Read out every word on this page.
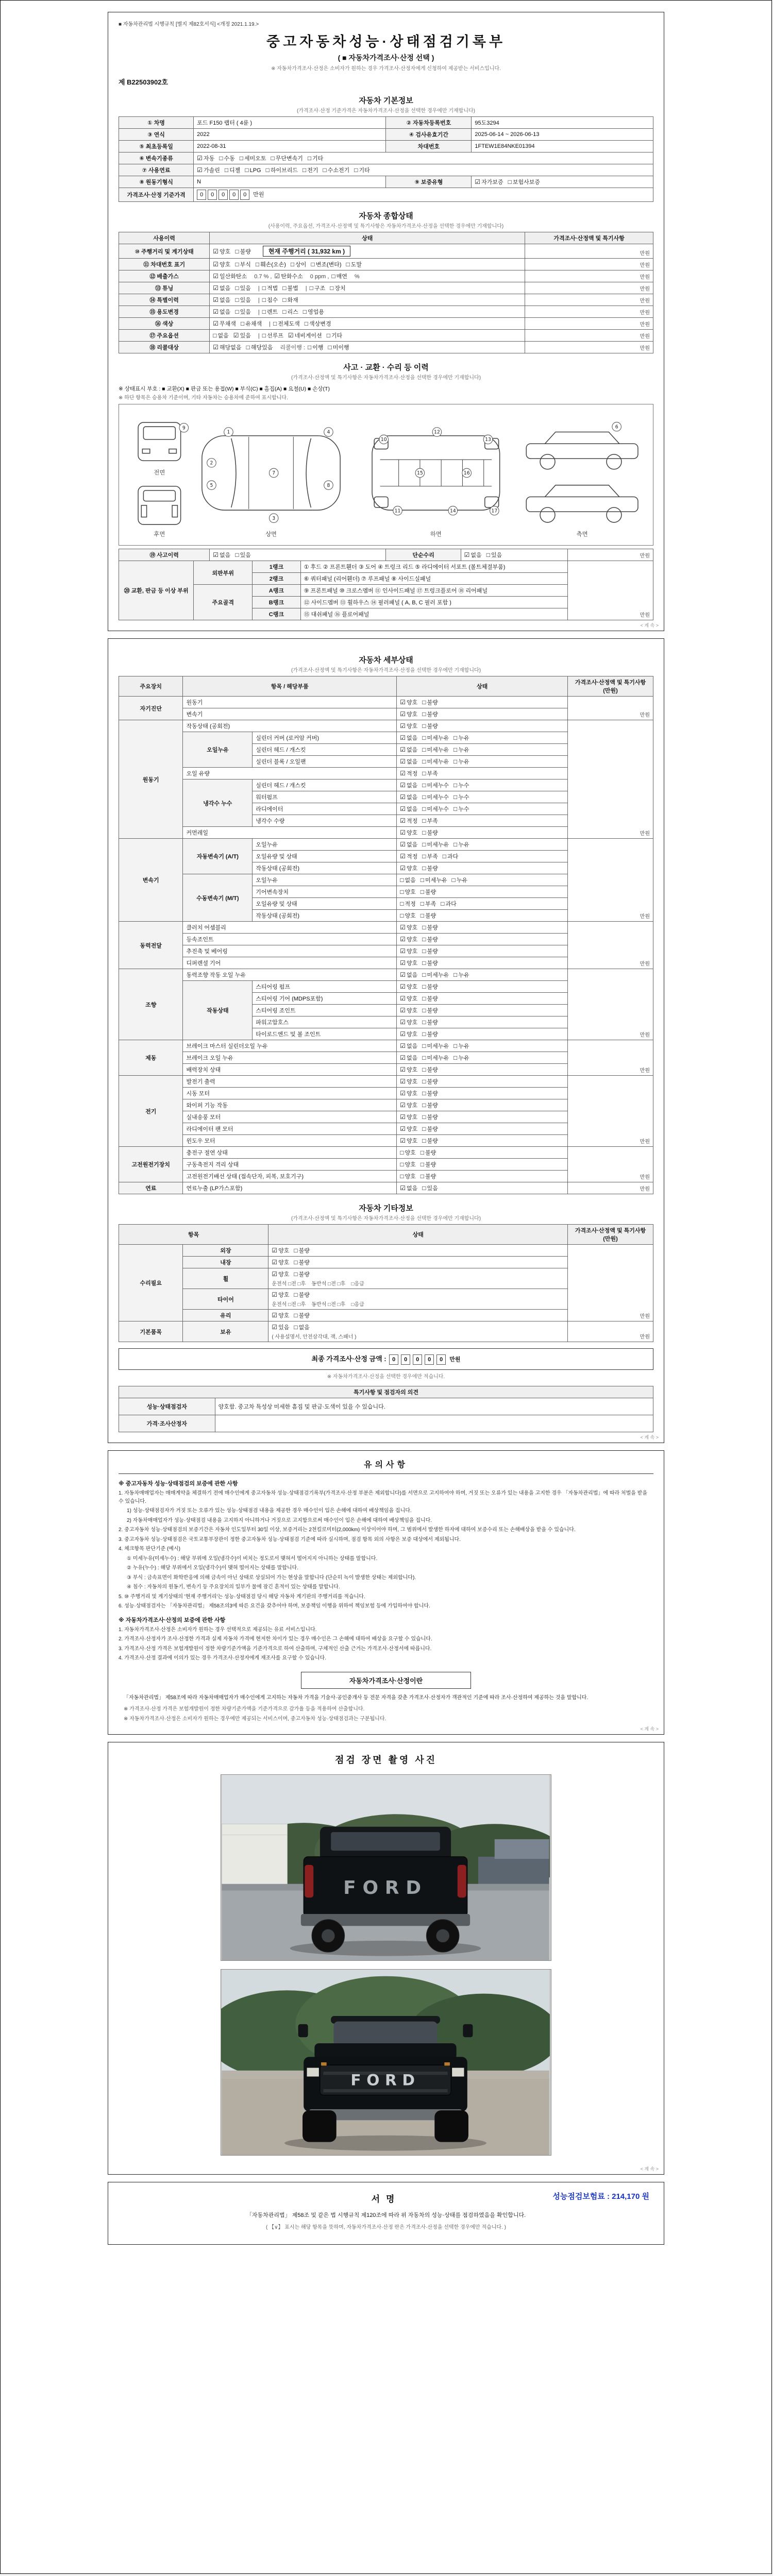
■ 자동차관리법 시행규칙 [별지 제82호서식] <개정 2021.1.19.>
중고자동차성능·상태점검기록부
( ■ 자동차가격조사·산정 선택 )
※ 자동차가격조사·산정은 소비자가 원하는 경우 가격조사·산정자에게 신청하여 제공받는 서비스입니다.
제 B22503902호
자동차 기본정보
(가격조사·산정 기준가격은 자동차가격조사·산정을 선택한 경우에만 기재합니다)
① 차명	포드 F150 랩터 ( 4륜 )	② 자동차등록번호	95도3294
③ 연식	2022	④ 검사유효기간	2025-06-14 ~ 2026-06-13
⑤ 최초등록일	2022-08-31	차대번호	1FTEW1E84NKE01394
⑥ 변속기종류	☑ 자동 □ 수동 □ 세미오토 □ 무단변속기 □ 기타		
⑦ 사용연료	☑ 가솔린 □ 디젤 □ LPG □ 하이브리드 □ 전기 □ 수소전기 □ 기타		
⑧ 원동기형식	N	⑨ 보증유형	☑ 자가보증 □ 보험사보증
가격조사·산정 기준가격	0 0 0 0 0 만원		
자동차 종합상태
(사용이력, 주요옵션, 가격조사·산정액 및 특기사항은 자동차가격조사·산정을 선택한 경우에만 기재합니다)
사용이력	상태	가격조사·산정액 및 특기사항
⑩ 주행거리 및 계기상태	☑ 양호 □ 불량 현재 주행거리 ( 31,932 km )	만원
⑪ 차대번호 표기	☑ 양호 □ 부식 □ 훼손(오손) □ 상이 □ 변조(변타) □ 도말	만원
⑫ 배출가스	☑ 일산화탄소 0.7 % , ☑ 탄화수소 0 ppm , □ 매연 %	만원
⑬ 튜닝	☑ 없음 □ 있음 | □ 적법 □ 불법 | □ 구조 □ 장치	만원
⑭ 특별이력	☑ 없음 □ 있음 | □ 침수 □ 화재	만원
⑮ 용도변경	☑ 없음 □ 있음 | □ 렌트 □ 리스 □ 영업용	만원
⑯ 색상	☑ 무채색 □ 유채색 | □ 전체도색 □ 색상변경	만원
⑰ 주요옵션	□ 없음 ☑ 있음 | □ 선루프 ☑ 네비게이션 □ 기타	만원
⑱ 리콜대상	☑ 해당없음 □ 해당있음 리콜이행 : □ 이행 □ 미이행	만원
사고 · 교환 · 수리 등 이력
(가격조사·산정액 및 특기사항은 자동차가격조사·산정을 선택한 경우에만 기재합니다)
※ 상태표시 부호 : ■ 교환(X) ■ 판금 또는 용접(W) ■ 부식(C) ■ 흠집(A) ■ 요철(U) ■ 손상(T)
※ 하단 항목은 승용차 기준이며, 기타 자동차는 승용차에 준하여 표시합니다.
1
2
3
4
5
6
7
8
9
10
11
12
13
14
15	16
17
전면
후면	상면	하면	측면
⑲ 사고이력	☑ 없음 □ 있음	단순수리	☑ 없음 □ 있음	만원
⑳ 교환, 판금 등 이상 부위	외판부위	1랭크	① 후드 ② 프론트휀더 ③ 도어 ④ 트렁크 리드 ⑤ 라디에이터 서포트 (볼트체결부품)	만원
		2랭크	⑥ 쿼터패널 (리어휀더) ⑦ 루프패널 ⑧ 사이드실패널	
	주요골격	A랭크	⑨ 프론트패널 ⑩ 크로스멤버 ⑪ 인사이드패널 ⑰ 트렁크플로어 ⑱ 리어패널	
		B랭크	⑫ 사이드멤버 ⑬ 휠하우스 ⑭ 필러패널 ( A, B, C 필러 포함 )	
		C랭크	⑮ 대쉬패널 ⑯ 플로어패널	
< 계 속 >
자동차 세부상태
(가격조사·산정액 및 특기사항은 자동차가격조사·산정을 선택한 경우에만 기재합니다)
주요장치	항목 / 해당부품		상태	가격조사·산정액 및 특기사항 (만원)
자기진단	원동기		☑ 양호 □ 불량	만원
	변속기		☑ 양호 □ 불량	
원동기	작동상태 (공회전)		☑ 양호 □ 불량	만원
	오일누유	실린더 커버 (로커암 커버)	☑ 없음 □ 미세누유 □ 누유	
		실린더 헤드 / 개스킷	☑ 없음 □ 미세누유 □ 누유	
		실린더 블록 / 오일팬	☑ 없음 □ 미세누유 □ 누유	
	오일 유량		☑ 적정 □ 부족	
	냉각수 누수	실린더 헤드 / 개스킷	☑ 없음 □ 미세누수 □ 누수	
		워터펌프	☑ 없음 □ 미세누수 □ 누수	
		라디에이터	☑ 없음 □ 미세누수 □ 누수	
		냉각수 수량	☑ 적정 □ 부족	
	커먼레일		☑ 양호 □ 불량	
변속기	자동변속기 (A/T)	오일누유	☑ 없음 □ 미세누유 □ 누유	만원
		오일유량 및 상태	☑ 적정 □ 부족 □ 과다	
		작동상태 (공회전)	☑ 양호 □ 불량	
	수동변속기 (M/T)	오일누유	□ 없음 □ 미세누유 □ 누유	
		기어변속장치	□ 양호 □ 불량	
		오일유량 및 상태	□ 적정 □ 부족 □ 과다	
		작동상태 (공회전)	□ 양호 □ 불량	
동력전달	클러치 어셈블리		☑ 양호 □ 불량	만원
	등속조인트		☑ 양호 □ 불량	
	추진축 및 베어링		☑ 양호 □ 불량	
	디퍼렌셜 기어		☑ 양호 □ 불량	
조향	동력조향 작동 오일 누유		☑ 없음 □ 미세누유 □ 누유	만원
	작동상태	스티어링 펌프	☑ 양호 □ 불량	
		스티어링 기어 (MDPS포함)	☑ 양호 □ 불량	
		스티어링 조인트	☑ 양호 □ 불량	
		파워고압호스	☑ 양호 □ 불량	
		타이로드엔드 및 볼 조인트	☑ 양호 □ 불량	
제동	브레이크 마스터 실린더오일 누유		☑ 없음 □ 미세누유 □ 누유	만원
	브레이크 오일 누유		☑ 없음 □ 미세누유 □ 누유	
	배력장치 상태		☑ 양호 □ 불량	
전기	발전기 출력		☑ 양호 □ 불량	만원
	시동 모터		☑ 양호 □ 불량	
	와이퍼 기능 작동		☑ 양호 □ 불량	
	실내송풍 모터		☑ 양호 □ 불량	
	라디에이터 팬 모터		☑ 양호 □ 불량	
	윈도우 모터		☑ 양호 □ 불량	
고전원전기장치	충전구 절연 상태		□ 양호 □ 불량	만원
	구동축전지 격리 상태		□ 양호 □ 불량	
	고전원전기배선 상태 (접속단자, 피복, 보호기구)		□ 양호 □ 불량	
연료	연료누출 (LP가스포함)		☑ 없음 □ 있음	만원
자동차 기타정보
(가격조사·산정액 및 특기사항은 자동차가격조사·산정을 선택한 경우에만 기재합니다)
항목		상태	가격조사·산정액 및 특기사항 (만원)
수리필요	외장	☑ 양호 □ 불량	만원
	내장	☑ 양호 □ 불량	
	휠	☑ 양호 □ 불량
운전석 □전 □후    동반석 □전 □후    □응급	

	타이어	☑ 양호 □ 불량
운전석 □전 □후    동반석 □전 □후    □응급	

	유리	☑ 양호 □ 불량	
기본품목	보유	☑ 있음 □ 없음
( 사용설명서, 안전삼각대, 잭, 스패너 )	만원
최종 가격조사·산정 금액 : 0 0 0 0 0 만원
※ 자동차가격조사·산정을 선택한 경우에만 적습니다.
특기사항 및 점검자의 의견	
성능·상태점검자	양호함. 중고차 특성상 미세한 흠집 및 판금·도색이 있을 수 있습니다.
가격·조사산정자	
< 계 속 >
유의사항
※ 중고자동차 성능·상태점검의 보증에 관한 사항
1. 자동차매매업자는 매매계약을 체결하기 전에 매수인에게 중고자동차 성능·상태점검기록부(가격조사·산정 부분은 제외합니다)를 서면으로 고지하여야 하며, 거짓 또는 오류가 있는 내용을 고지한 경우 「자동차관리법」에 따라 처벌을 받을 수 있습니다.
1) 성능·상태점검자가 거짓 또는 오류가 있는 성능·상태점검 내용을 제공한 경우 매수인이 입은 손해에 대하여 배상책임을 집니다.
2) 자동차매매업자가 성능·상태점검 내용을 고지하지 아니하거나 거짓으로 고지함으로써 매수인이 입은 손해에 대하여 배상책임을 집니다.
2. 중고자동차 성능·상태점검의 보증기간은 자동차 인도일부터 30일 이상, 보증거리는 2천킬로미터(2,000km) 이상이어야 하며, 그 범위에서 발생한 하자에 대하여 보증수리 또는 손해배상을 받을 수 있습니다.
3. 중고자동차 성능·상태점검은 국토교통부장관이 정한 중고자동차 성능·상태점검 기준에 따라 실시하며, 점검 항목 외의 사항은 보증 대상에서 제외됩니다.
4. 체크항목 판단기준 (예시)
① 미세누유(미세누수) : 해당 부위에 오일(냉각수)이 비치는 정도로서 맺혀서 떨어지지 아니하는 상태를 말합니다.
② 누유(누수) : 해당 부위에서 오일(냉각수)이 맺혀 떨어지는 상태를 말합니다.
③ 부식 : 금속표면이 화학반응에 의해 금속이 아닌 상태로 상실되어 가는 현상을 말합니다 (단순히 녹이 발생한 상태는 제외합니다).
④ 침수 : 자동차의 원동기, 변속기 등 주요장치의 일부가 물에 잠긴 흔적이 있는 상태를 말합니다.
5. ⑩ 주행거리 및 계기상태의 '현재 주행거리'는 성능·상태점검 당시 해당 자동차 계기판의 주행거리를 적습니다.
6. 성능·상태점검자는 「자동차관리법」 제58조의3에 따른 요건을 갖추어야 하며, 보증책임 이행을 위하여 책임보험 등에 가입하여야 합니다.
※ 자동차가격조사·산정의 보증에 관한 사항
1. 자동차가격조사·산정은 소비자가 원하는 경우 선택적으로 제공되는 유료 서비스입니다.
2. 가격조사·산정자가 조사·산정한 가격과 실제 자동차 가격에 현저한 차이가 있는 경우 매수인은 그 손해에 대하여 배상을 요구할 수 있습니다.
3. 가격조사·산정 가격은 보험개발원이 정한 차량기준가액을 기준가격으로 하여 산출하며, 구체적인 산출 근거는 가격조사·산정서에 따릅니다.
4. 가격조사·산정 결과에 이의가 있는 경우 가격조사·산정자에게 재조사를 요구할 수 있습니다.
자동차가격조사·산정이란
「자동차관리법」 제58조에 따라 자동차매매업자가 매수인에게 고지하는 자동차 가격을 기술사·공인중개사 등 전문 자격을 갖춘 가격조사·산정자가 객관적인 기준에 따라 조사·산정하여 제공하는 것을 말합니다.
※ 가격조사·산정 가격은 보험개발원이 정한 차량기준가액을 기준가격으로 감가율 등을 적용하여 산출합니다.
※ 자동차가격조사·산정은 소비자가 원하는 경우에만 제공되는 서비스이며, 중고자동차 성능·상태점검과는 구분됩니다.
< 계 속 >
점검 장면 촬영 사진
FORD
FORD
< 계 속 >
성능점검보험료 : 214,170 원
서명
「자동차관리법」 제58조 및 같은 법 시행규칙 제120조에 따라 위 자동차의 성능·상태를 점검하였음을 확인합니다.
( 【∨】 표시는 해당 항목을 뜻하며, 자동차가격조사·산정 란은 가격조사·산정을 선택한 경우에만 적습니다. )
